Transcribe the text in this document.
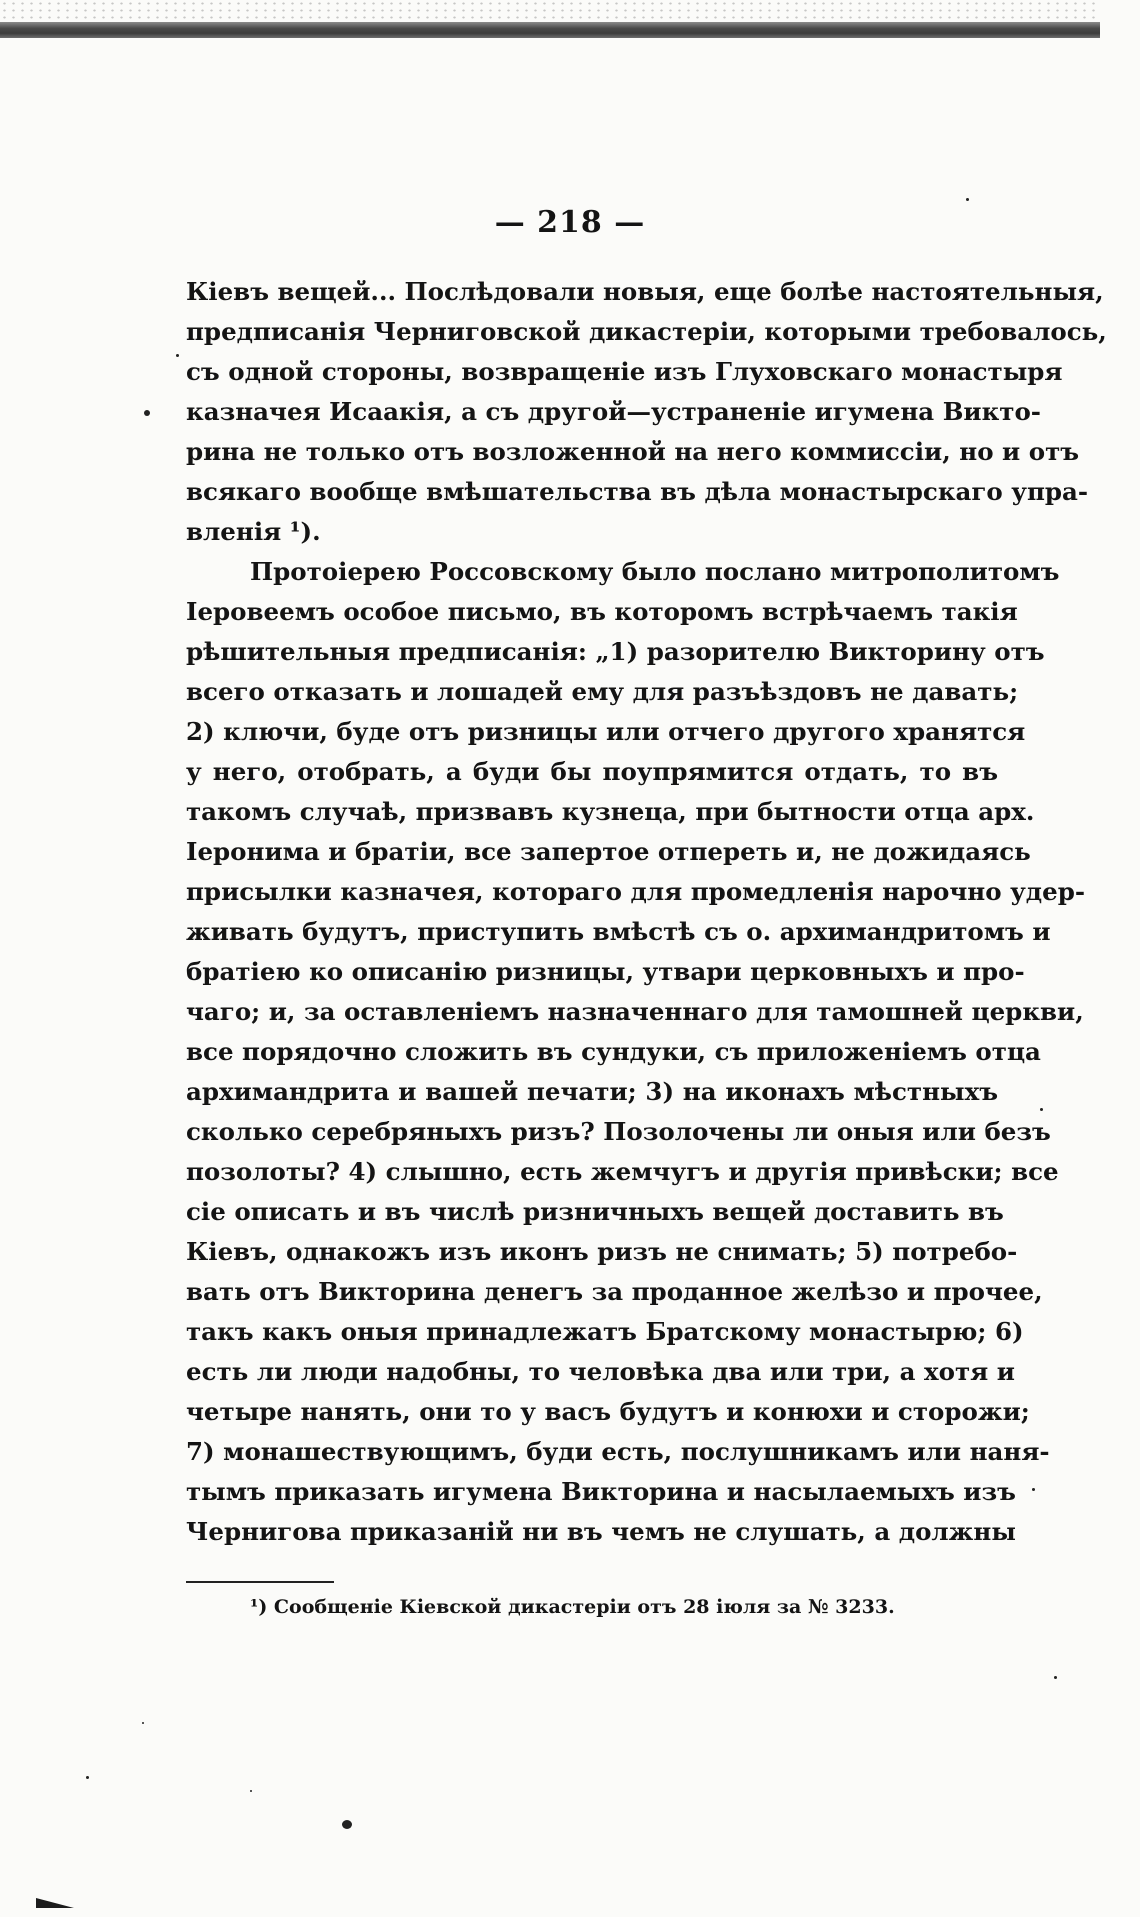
— 218 —
Кіевъ вещей... Послѣдовали новыя, еще болѣе настоятельныя,
предписанія Черниговской дикастеріи, которыми требовалось,
съ одной стороны, возвращеніе изъ Глуховскаго монастыря
казначея Исаакія, а съ другой—устраненіе игумена Викто-
рина не только отъ возложенной на него коммиссіи, но и отъ
всякаго вообще вмѣшательства въ дѣла монастырскаго упра-
вленія ¹).
Протоіерею Россовскому было послано митрополитомъ
Іеровеемъ особое письмо, въ которомъ встрѣчаемъ такія
рѣшительныя предписанія: „1) разорителю Викторину отъ
всего отказать и лошадей ему для разъѣздовъ не давать;
2) ключи, буде отъ ризницы или отчего другого хранятся
у него, отобрать, а буди бы поупрямится отдать, то въ
такомъ случаѣ, призвавъ кузнеца, при бытности отца арх.
Іеронима и братіи, все запертое отпереть и, не дожидаясь
присылки казначея, котораго для промедленія нарочно удер-
живать будутъ, приступить вмѣстѣ съ о. архимандритомъ и
братіею ко описанію ризницы, утвари церковныхъ и про-
чаго; и, за оставленіемъ назначеннаго для тамошней церкви,
все порядочно сложить въ сундуки, съ приложеніемъ отца
архимандрита и вашей печати; 3) на иконахъ мѣстныхъ
сколько серебряныхъ ризъ? Позолочены ли оныя или безъ
позолоты? 4) слышно, есть жемчугъ и другія привѣски; все
сіе описать и въ числѣ ризничныхъ вещей доставить въ
Кіевъ, однакожъ изъ иконъ ризъ не снимать; 5) потребо-
вать отъ Викторина денегъ за проданное желѣзо и прочее,
такъ какъ оныя принадлежатъ Братскому монастырю; 6)
есть ли люди надобны, то человѣка два или три, а хотя и
четыре нанять, они то у васъ будутъ и конюхи и сторожи;
7) монашествующимъ, буди есть, послушникамъ или наня-
тымъ приказать игумена Викторина и насылаемыхъ изъ
Чернигова приказаній ни въ чемъ не слушать, а должны
¹) Сообщеніе Кіевской дикастеріи отъ 28 іюля за № 3233.
